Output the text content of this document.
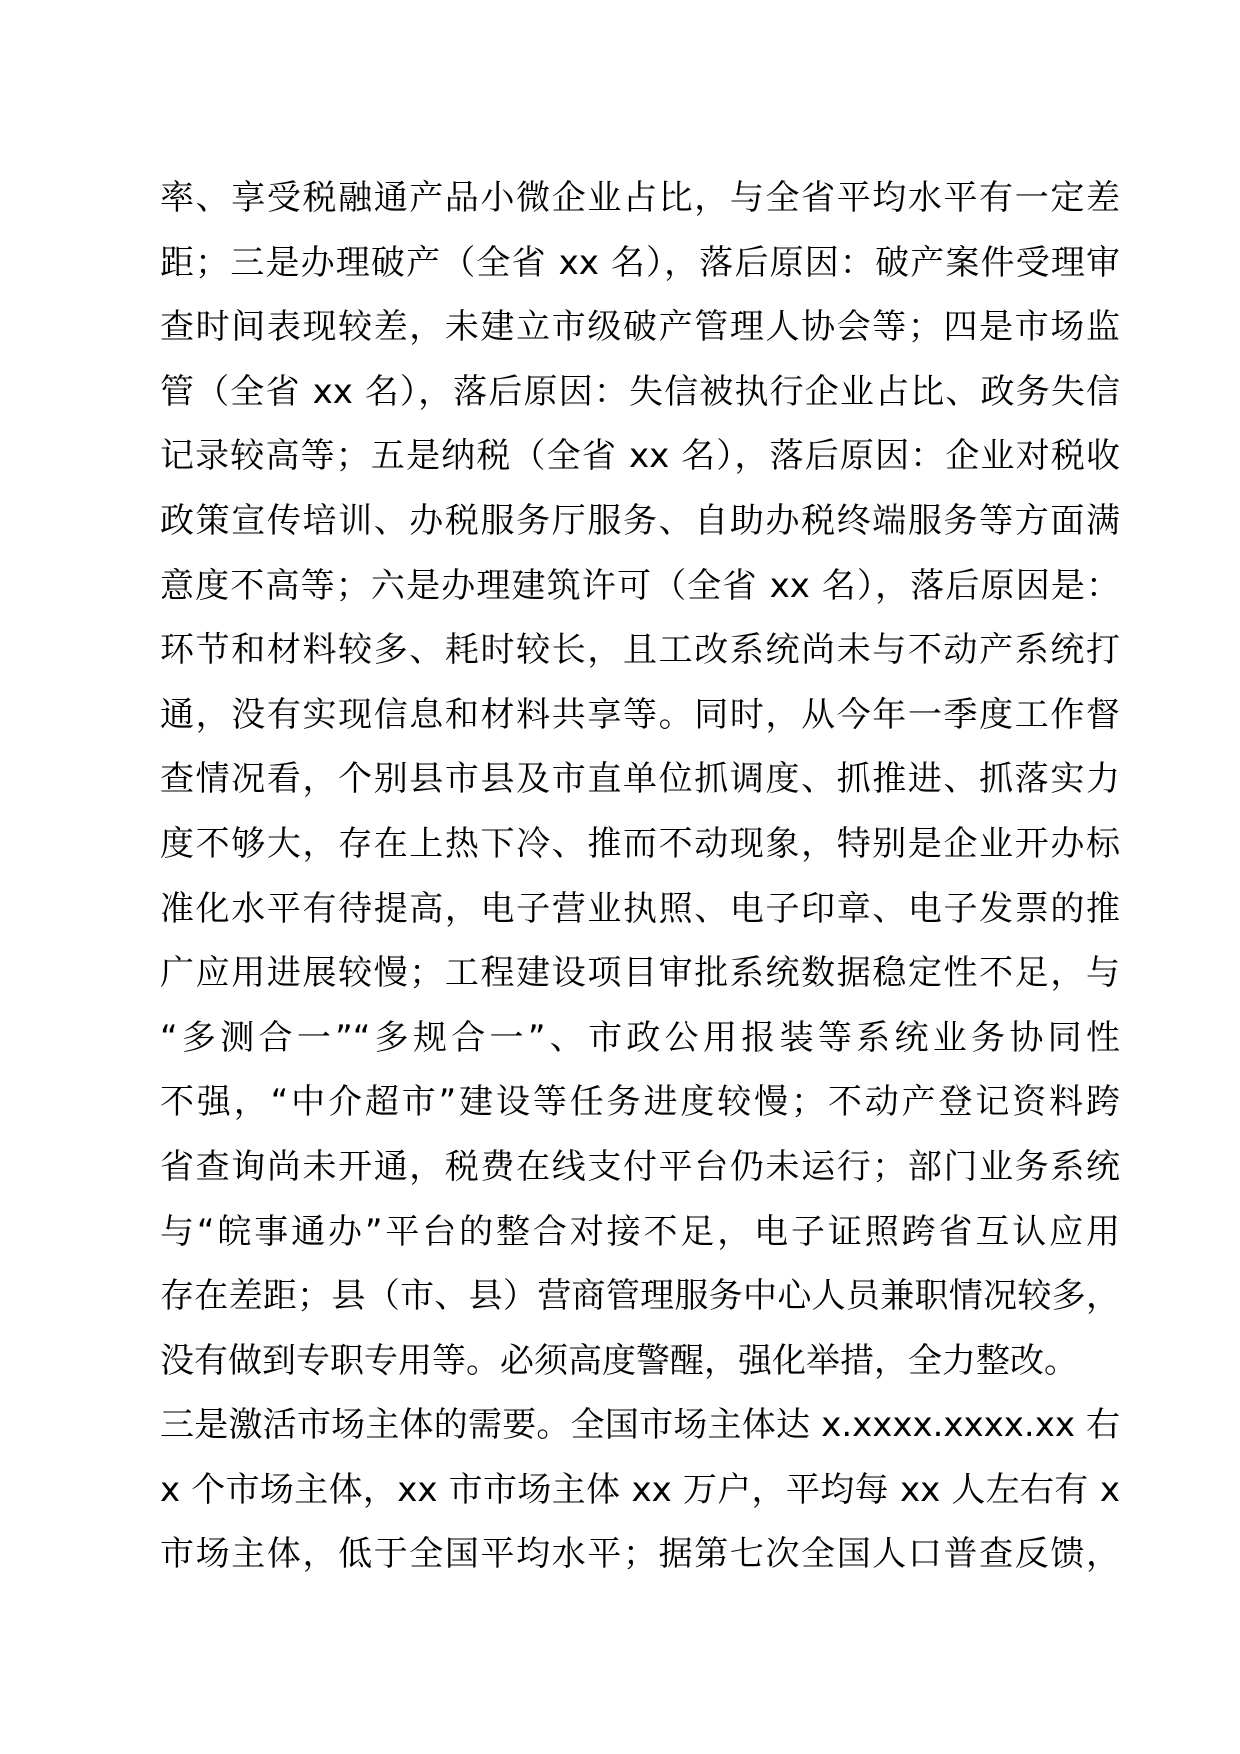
率、享受税融通产品小微企业占比，与全省平均水平有一定差
距；三是办理破产（全省 xx 名），落后原因：破产案件受理审
查时间表现较差，未建立市级破产管理人协会等；四是市场监
管（全省 xx 名），落后原因：失信被执行企业占比、政务失信
记录较高等；五是纳税（全省 xx 名），落后原因：企业对税收
政策宣传培训、办税服务厅服务、自助办税终端服务等方面满
意度不高等；六是办理建筑许可（全省 xx 名），落后原因是：
环节和材料较多、耗时较长，且工改系统尚未与不动产系统打
通，没有实现信息和材料共享等。同时，从今年一季度工作督
查情况看，个别县市县及市直单位抓调度、抓推进、抓落实力
度不够大，存在上热下冷、推而不动现象，特别是企业开办标
准化水平有待提高，电子营业执照、电子印章、电子发票的推
广应用进展较慢；工程建设项目审批系统数据稳定性不足，与
“多测合一”“多规合一”、市政公用报装等系统业务协同性
不强，“中介超市”建设等任务进度较慢；不动产登记资料跨
省查询尚未开通，税费在线支付平台仍未运行；部门业务系统
与“皖事通办”平台的整合对接不足，电子证照跨省互认应用
存在差距；县（市、县）营商管理服务中心人员兼职情况较多，
没有做到专职专用等。必须高度警醒，强化举措，全力整改。
三是激活市场主体的需要。全国市场主体达 x.xxxx.xxxx.xx 右
x 个市场主体，xx 市市场主体 xx 万户，平均每 xx 人左右有 x
市场主体，低于全国平均水平；据第七次全国人口普查反馈，
